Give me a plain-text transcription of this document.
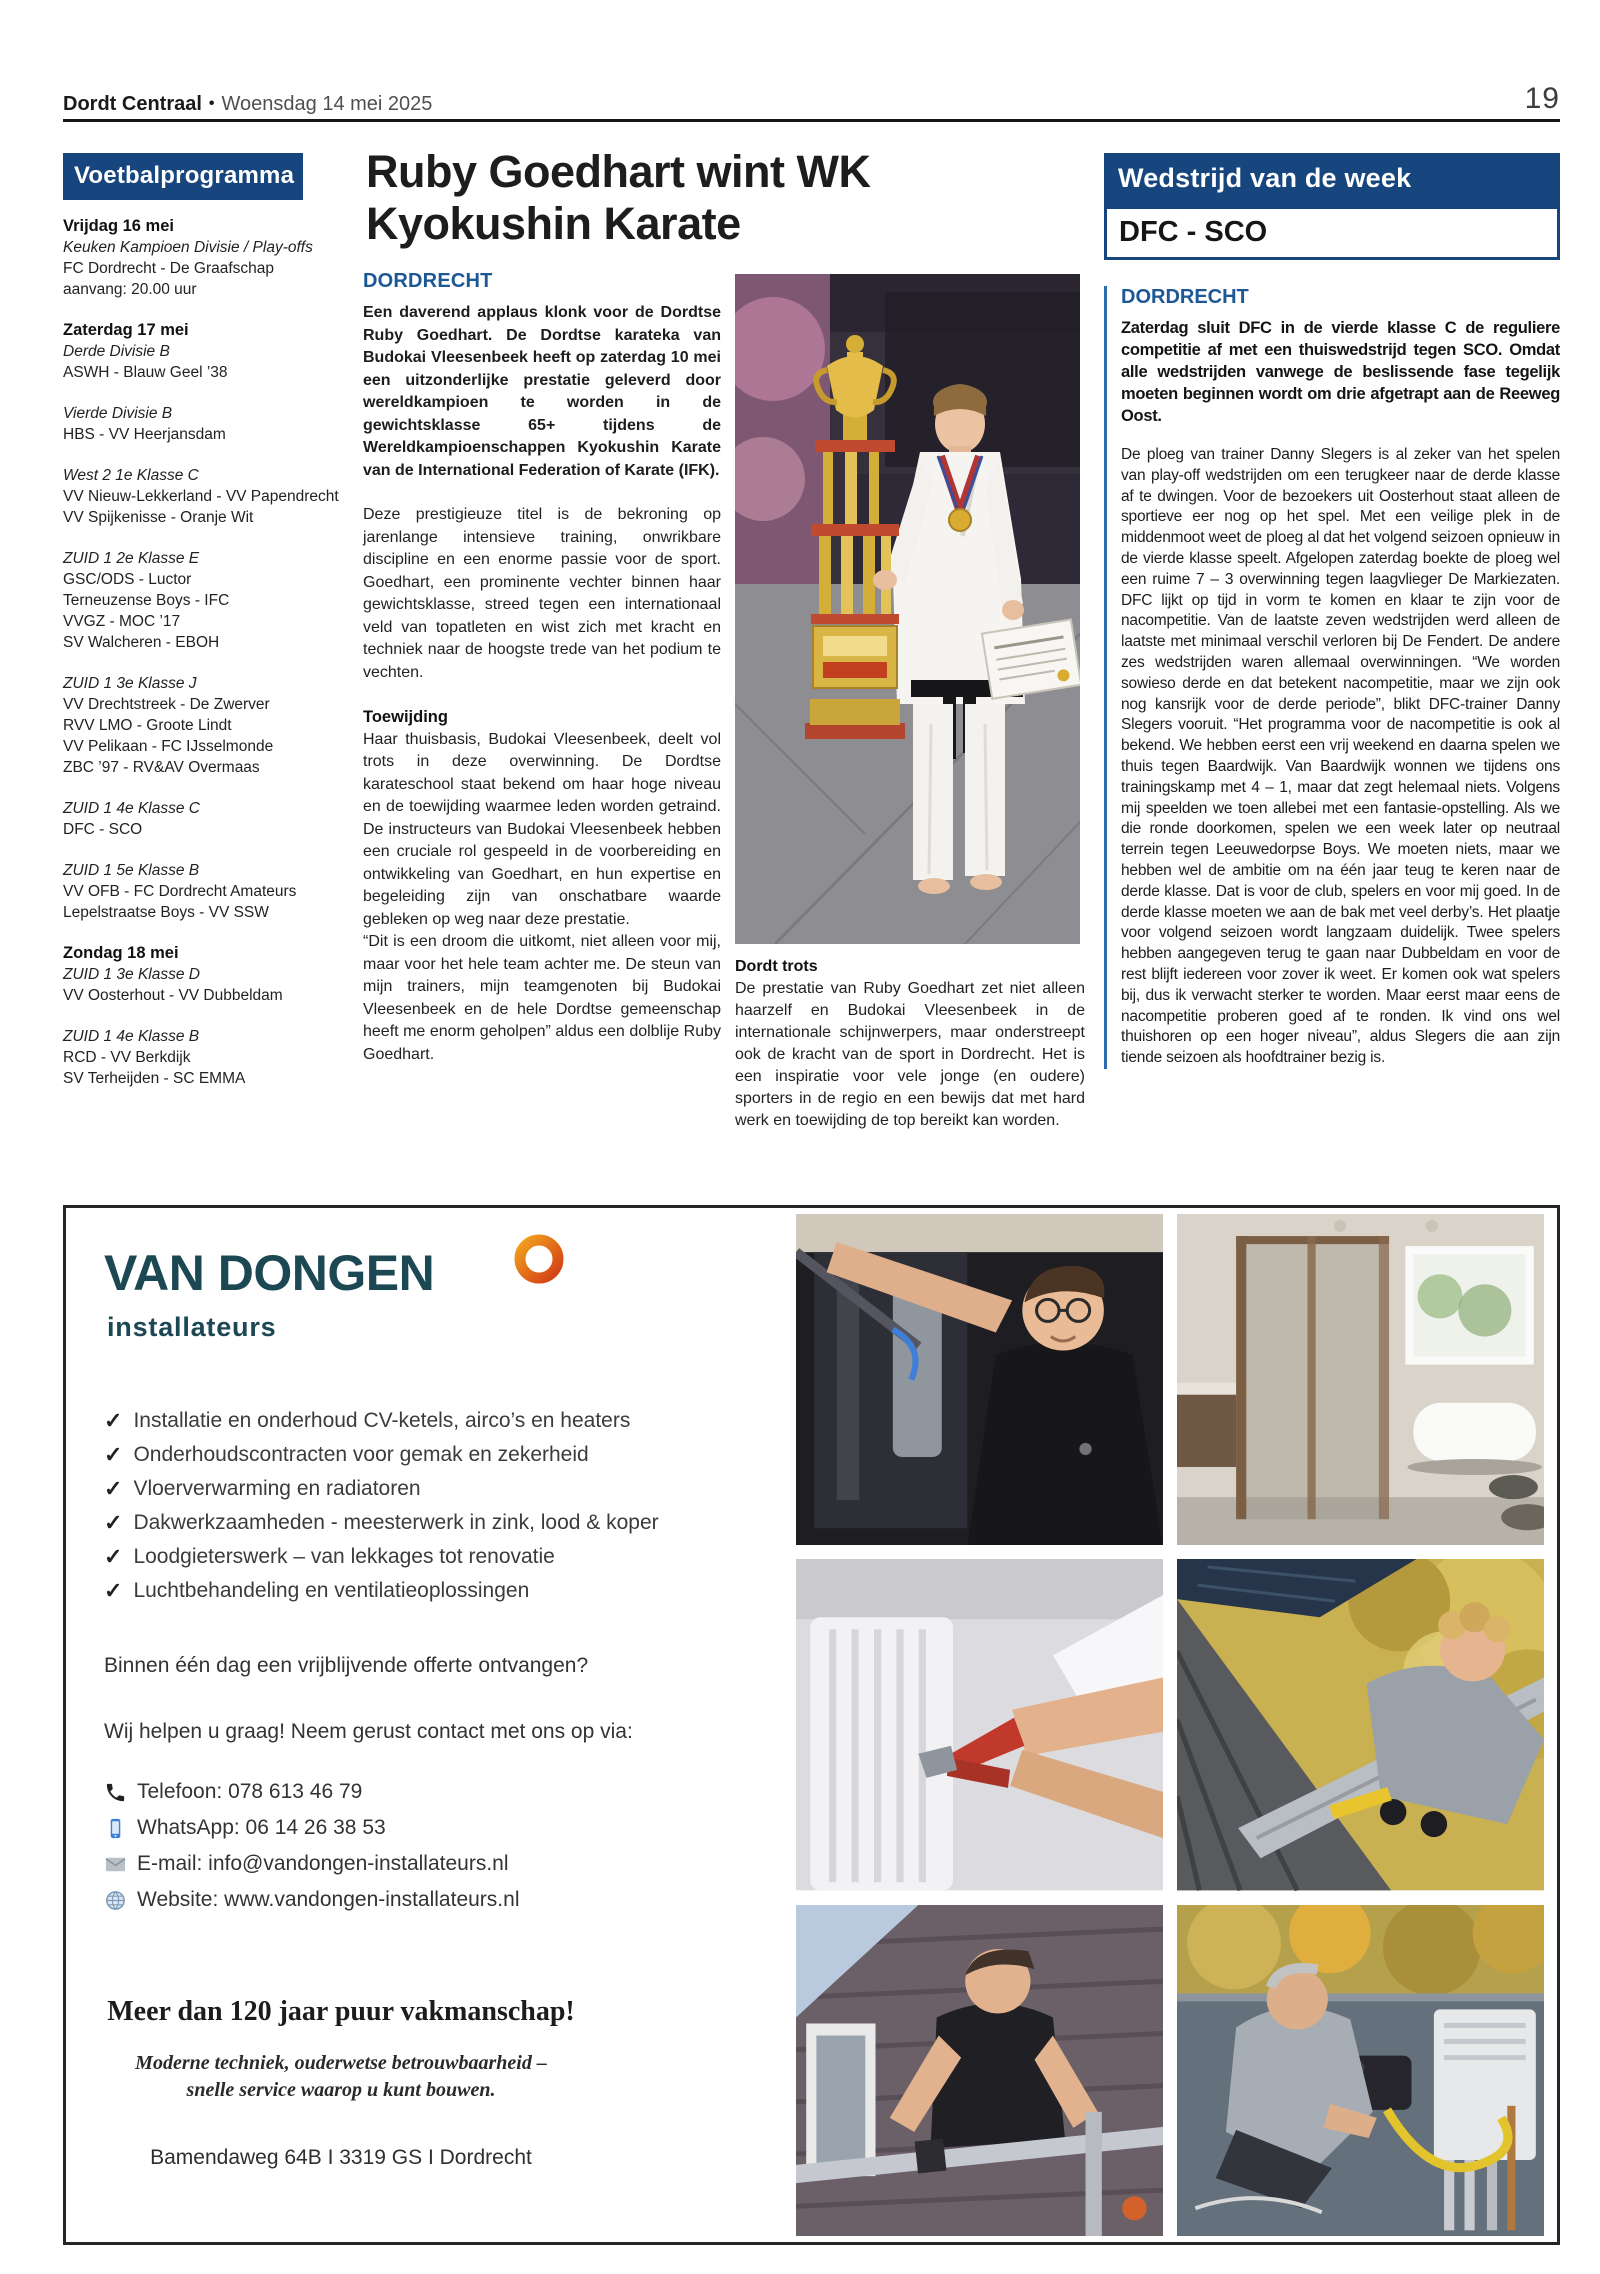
Dordt Centraal • Woensdag 14 mei 2025	19
Voetbalprogramma
Vrijdag 16 mei
Keuken Kampioen Divisie / Play-offs
FC Dordrecht - De Graafschap
aanvang: 20.00 uur
Zaterdag 17 mei
Derde Divisie B
ASWH - Blauw Geel ’38
Vierde Divisie B
HBS - VV Heerjansdam
West 2 1e Klasse C
VV Nieuw-Lekkerland - VV Papendrecht
VV Spijkenisse - Oranje Wit
ZUID 1 2e Klasse E
GSC/ODS - Luctor
Terneuzense Boys - IFC
VVGZ - MOC ’17
SV Walcheren - EBOH
ZUID 1 3e Klasse J
VV Drechtstreek - De Zwerver
RVV LMO - Groote Lindt
VV Pelikaan - FC IJsselmonde
ZBC ’97 - RV&AV Overmaas
ZUID 1 4e Klasse C
DFC - SCO
ZUID 1 5e Klasse B
VV OFB - FC Dordrecht Amateurs
Lepelstraatse Boys - VV SSW
Zondag 18 mei
ZUID 1 3e Klasse D
VV Oosterhout - VV Dubbeldam
ZUID 1 4e Klasse B
RCD - VV Berkdijk
SV Terheijden - SC EMMA
Ruby Goedhart wint WK Kyokushin Karate
DORDRECHT

Een daverend applaus klonk voor de Dordtse Ruby Goedhart. De Dordtse karateka van Budokai Vleesenbeek heeft op zaterdag 10 mei een uitzonderlijke prestatie geleverd door wereldkampioen te worden in de gewichtsklasse 65+ tijdens de Wereldkampioenschappen Kyokushin Karate van de International Federation of Karate (IFK).

Deze prestigieuze titel is de bekroning op jarenlange intensieve training, onwrikbare discipline en een enorme passie voor de sport. Goedhart, een prominente vechter binnen haar gewichtsklasse, streed tegen een internationaal veld van topatleten en wist zich met kracht en techniek naar de hoogste trede van het podium te vechten.

Toewijding

Haar thuisbasis, Budokai Vleesenbeek, deelt vol trots in deze overwinning. De Dordtse karateschool staat bekend om haar hoge niveau en de toewijding waarmee leden worden getraind. De instructeurs van Budokai Vleesenbeek hebben een cruciale rol gespeeld in de voorbereiding en ontwikkeling van Goedhart, en hun expertise en begeleiding zijn van onschatbare waarde gebleken op weg naar deze prestatie.

“Dit is een droom die uitkomt, niet alleen voor mij, maar voor het hele team achter me. De steun van mijn trainers, mijn teamgenoten bij Budokai Vleesenbeek en de hele Dordtse gemeenschap heeft me enorm geholpen” aldus een dolblije Ruby Goedhart.

Dordt trots
De prestatie van Ruby Goedhart zet niet alleen haarzelf en Budokai Vleesenbeek in de internationale schijnwerpers, maar onderstreept ook de kracht van de sport in Dordrecht. Het is een inspiratie voor vele jonge (en oudere) sporters in de regio en een bewijs dat met hard werk en toewijding de top bereikt kan worden.
Wedstrijd van de week
DFC - SCO
DORDRECHT

Zaterdag sluit DFC in de vierde klasse C de reguliere competitie af met een thuiswedstrijd tegen SCO. Omdat alle wedstrijden vanwege de beslissende fase tegelijk moeten beginnen wordt om drie afgetrapt aan de Reeweg Oost.

De ploeg van trainer Danny Slegers is al zeker van het spelen van play-off wedstrijden om een terugkeer naar de derde klasse af te dwingen. Voor de bezoekers uit Oosterhout staat alleen de sportieve eer nog op het spel. Met een veilige plek in de middenmoot weet de ploeg al dat het volgend seizoen opnieuw in de vierde klasse speelt. Afgelopen zaterdag boekte de ploeg wel een ruime 7 – 3 overwinning tegen laagvlieger De Markiezaten. DFC lijkt op tijd in vorm te komen en klaar te zijn voor de nacompetitie. Van de laatste zeven wedstrijden werd alleen de laatste met minimaal verschil verloren bij De Fendert. De andere zes wedstrijden waren allemaal overwinningen. “We worden sowieso derde en dat betekent nacompetitie, maar we zijn ook nog kansrijk voor de derde periode”, blikt DFC-trainer Danny Slegers vooruit. “Het programma voor de nacompetitie is ook al bekend. We hebben eerst een vrij weekend en daarna spelen we thuis tegen Baardwijk. Van Baardwijk wonnen we tijdens ons trainingskamp met 4 – 1, maar dat zegt helemaal niets. Volgens mij speelden we toen allebei met een fantasie-opstelling. Als we die ronde doorkomen, spelen we een week later op neutraal terrein tegen Leeuwedorpse Boys. We moeten niets, maar we hebben wel de ambitie om na één jaar teug te keren naar de derde klasse. Dat is voor de club, spelers en voor mij goed. In de derde klasse moeten we aan de bak met veel derby’s. Het plaatje voor volgend seizoen wordt langzaam duidelijk. Twee spelers hebben aangegeven terug te gaan naar Dubbeldam en voor de rest blijft iedereen voor zover ik weet. Er komen ook wat spelers bij, dus ik verwacht sterker te worden. Maar eerst maar eens de nacompetitie proberen goed af te ronden. Ik vind ons wel thuishoren op een hoger niveau”, aldus Slegers die aan zijn tiende seizoen als hoofdtrainer bezig is.

VAN DONGEN
installateurs
✓ Installatie en onderhoud CV-ketels, airco’s en heaters
✓ Onderhoudscontracten voor gemak en zekerheid
✓ Vloerverwarming en radiatoren
✓ Dakwerkzaamheden - meesterwerk in zink, lood & koper
✓ Loodgieterswerk – van lekkages tot renovatie
✓ Luchtbehandeling en ventilatieoplossingen
Binnen één dag een vrijblijvende offerte ontvangen?
Wij helpen u graag! Neem gerust contact met ons op via:
Telefoon: 078 613 46 79
WhatsApp: 06 14 26 38 53
E-mail: info@vandongen-installateurs.nl
Website: www.vandongen-installateurs.nl
Meer dan 120 jaar puur vakmanschap!
Moderne techniek, ouderwetse betrouwbaarheid – snelle service waarop u kunt bouwen.
Bamendaweg 64B I 3319 GS I Dordrecht
